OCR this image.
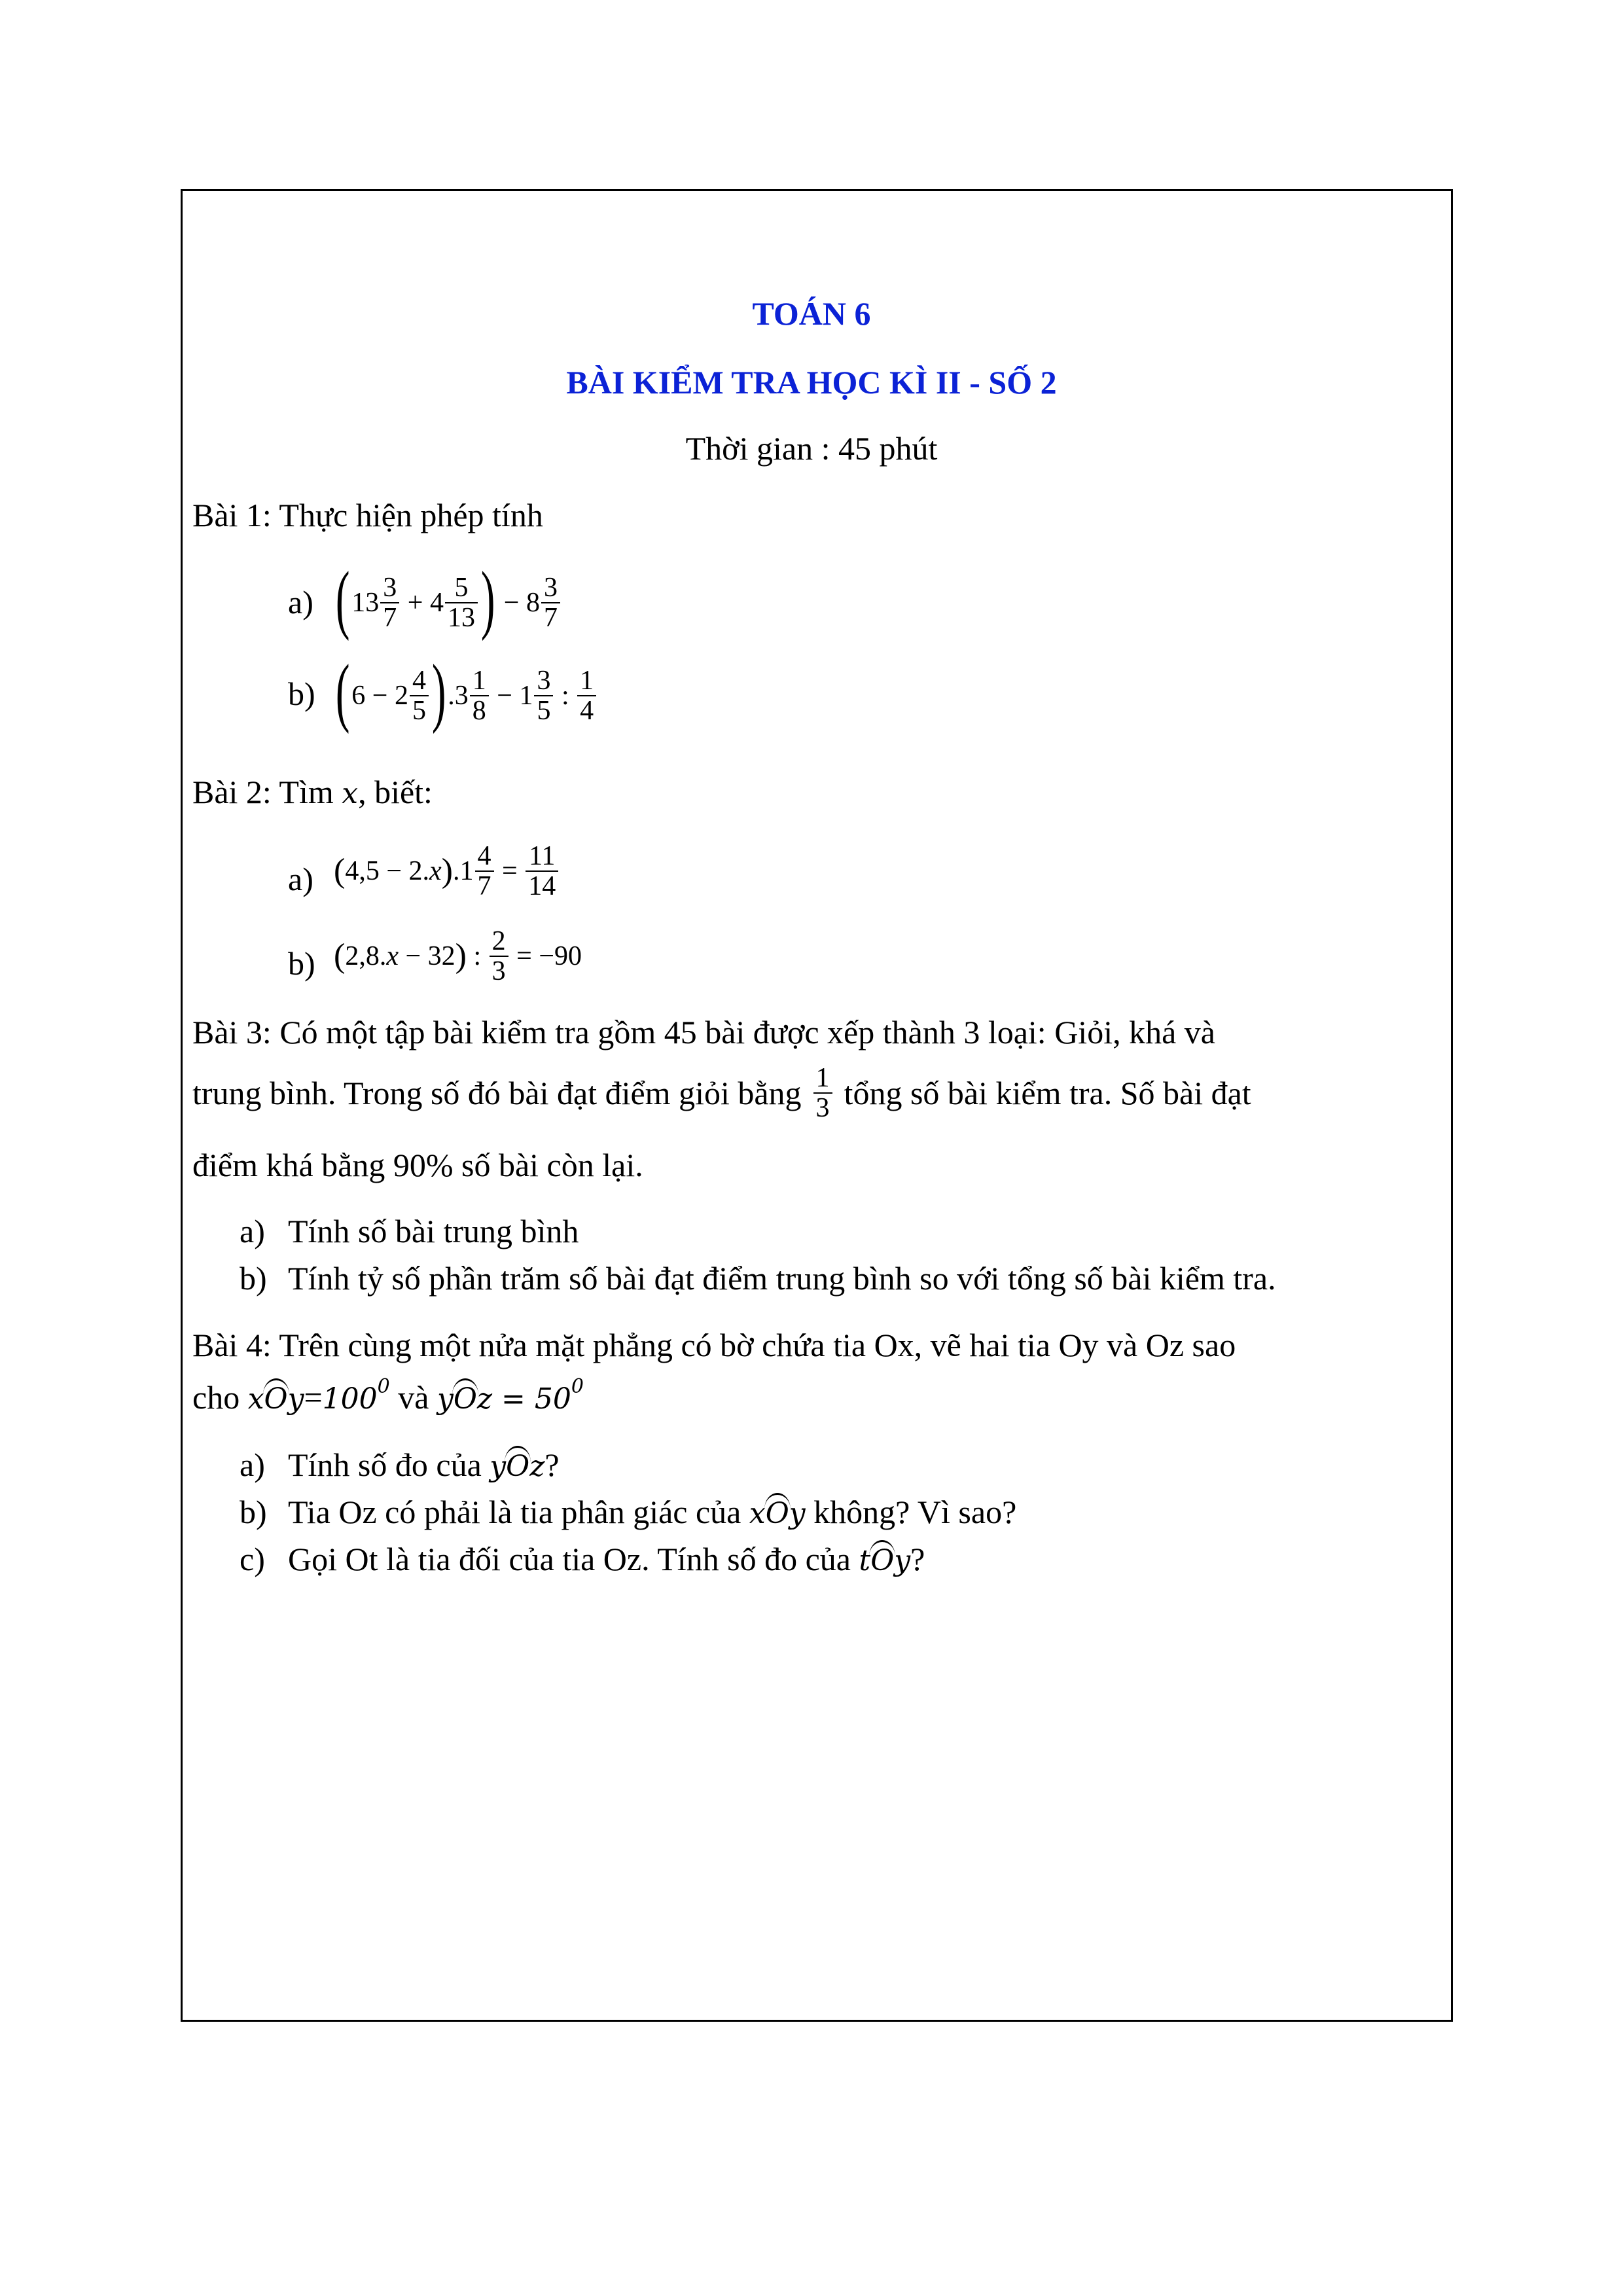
TOÁN 6
BÀI KIỂM TRA HỌC KÌ II - SỐ 2
Thời gian : 45 phút
Bài 1: Thực hiện phép tính
a) ( 13
3
7 + 4
5
13 ) − 8
3
7
b) ( 6 − 2
4
5 ) .3
1
8 − 1
3
5 :
1
4
Bài 2: Tìm x, biết:
a) ( 4,5 − 2. x ) .1
4
7 =
11
14
b) ( 2,8. x − 32 ) :
2
3 = −90
Bài 3: Có một tập bài kiểm tra gồm 45 bài được xếp thành 3 loại: Giỏi, khá và
trung bình. Trong số đó bài đạt điểm giỏi bằng 1
3 tổng số bài kiểm tra. Số bài đạt
điểm khá bằng 90% số bài còn lại.
a) Tính số bài trung bình
b) Tính tỷ số phần trăm số bài đạt điểm trung bình so với tổng số bài kiểm tra.
Bài 4: Trên cùng một nửa mặt phẳng có bờ chứa tia Ox, vẽ hai tia Oy và Oz sao
cho $xOy=100^0$ và yOz = $50^0$
a) Tính số đo của yOz?
b) Tia Oz có phải là tia phân giác của xOy không? Vì sao?
c) Gọi Ot là tia đối của tia Oz. Tính số đo của tOy?
